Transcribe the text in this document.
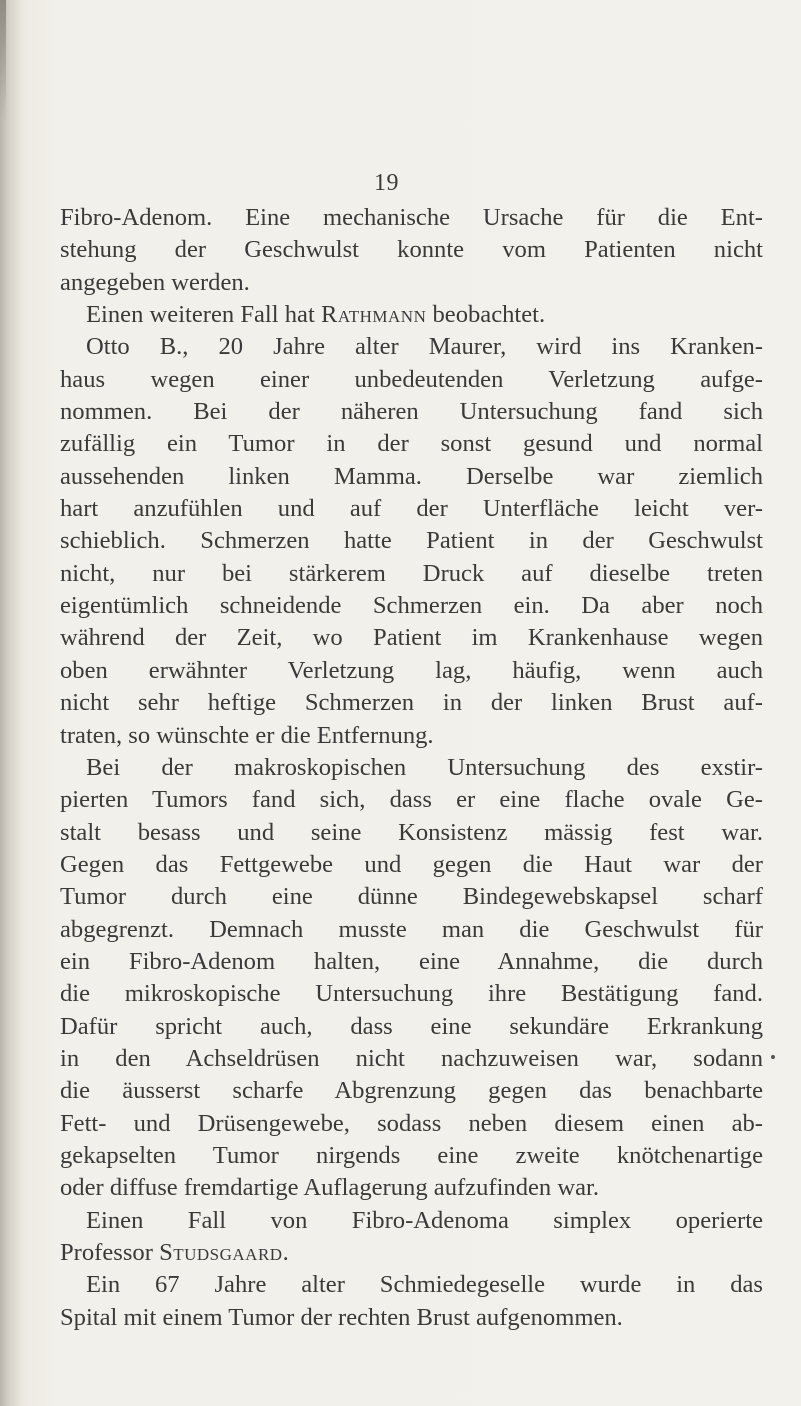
19

Fibro-Adenom. Eine mechanische Ursache für die Ent-

stehung der Geschwulst konnte vom Patienten nicht

angegeben werden.

Einen weiteren Fall hat Rathmann beobachtet.

Otto B., 20 Jahre alter Maurer, wird ins Kranken-

haus wegen einer unbedeutenden Verletzung aufge-

nommen. Bei der näheren Untersuchung fand sich

zufällig ein Tumor in der sonst gesund und normal

aussehenden linken Mamma. Derselbe war ziemlich

hart anzufühlen und auf der Unterfläche leicht ver-

schieblich. Schmerzen hatte Patient in der Geschwulst

nicht, nur bei stärkerem Druck auf dieselbe treten

eigentümlich schneidende Schmerzen ein. Da aber noch

während der Zeit, wo Patient im Krankenhause wegen

oben erwähnter Verletzung lag, häufig, wenn auch

nicht sehr heftige Schmerzen in der linken Brust auf-

traten, so wünschte er die Entfernung.

Bei der makroskopischen Untersuchung des exstir-

pierten Tumors fand sich, dass er eine flache ovale Ge-

stalt besass und seine Konsistenz mässig fest war.

Gegen das Fettgewebe und gegen die Haut war der

Tumor durch eine dünne Bindegewebskapsel scharf

abgegrenzt. Demnach musste man die Geschwulst für

ein Fibro-Adenom halten, eine Annahme, die durch

die mikroskopische Untersuchung ihre Bestätigung fand.

Dafür spricht auch, dass eine sekundäre Erkrankung

in den Achseldrüsen nicht nachzuweisen war, sodann

die äusserst scharfe Abgrenzung gegen das benachbarte

Fett- und Drüsengewebe, sodass neben diesem einen ab-

gekapselten Tumor nirgends eine zweite knötchenartige

oder diffuse fremdartige Auflagerung aufzufinden war.

Einen Fall von Fibro-Adenoma simplex operierte

Professor Studsgaard.

Ein 67 Jahre alter Schmiedegeselle wurde in das

Spital mit einem Tumor der rechten Brust aufgenommen.
